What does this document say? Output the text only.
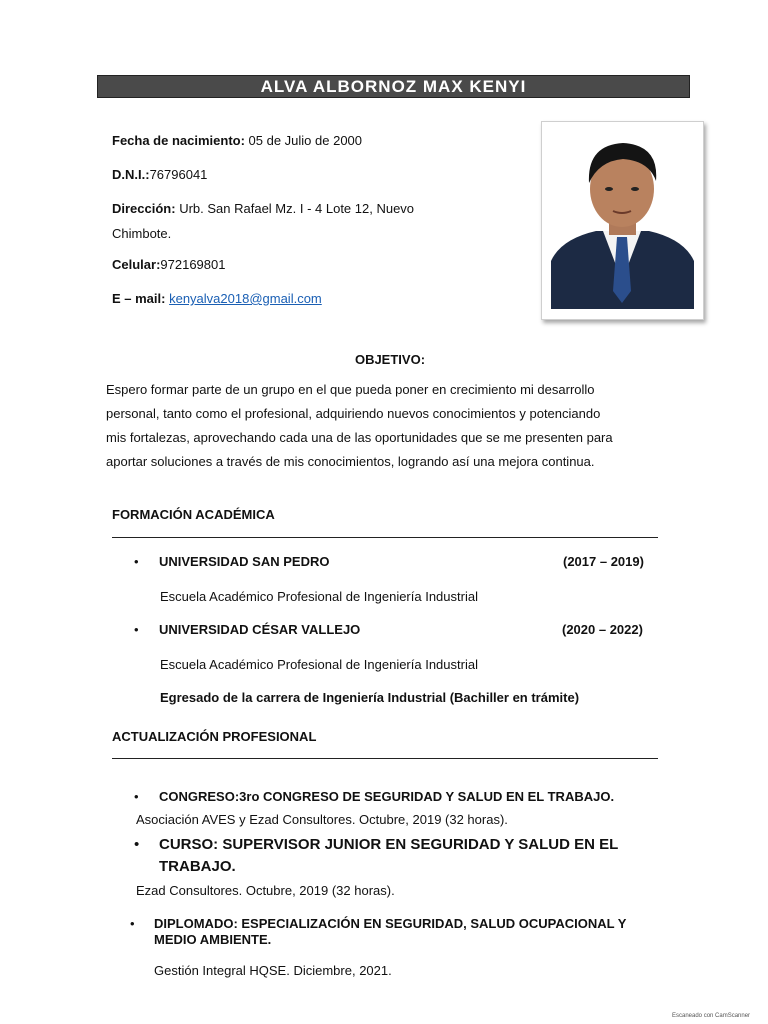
ALVA ALBORNOZ MAX KENYI
Fecha de nacimiento: 05 de Julio de 2000
D.N.I.:76796041
Dirección: Urb. San Rafael Mz. I - 4 Lote 12, Nuevo
Chimbote.
Celular:972169801
E – mail: kenyalva2018@gmail.com
OBJETIVO:
Espero formar parte de un grupo en el que pueda poner en crecimiento mi desarrollo
personal, tanto como el profesional, adquiriendo nuevos conocimientos y potenciando
mis fortalezas, aprovechando cada una de las oportunidades que se me presenten para
aportar soluciones a través de mis conocimientos, logrando así una mejora continua.
FORMACIÓN ACADÉMICA
• UNIVERSIDAD SAN PEDRO	(2017 – 2019)
Escuela Académico Profesional de Ingeniería Industrial
• UNIVERSIDAD CÉSAR VALLEJO	(2020 – 2022)
Escuela Académico Profesional de Ingeniería Industrial
Egresado de la carrera de Ingeniería Industrial (Bachiller en trámite)
ACTUALIZACIÓN PROFESIONAL
• CONGRESO:3ro CONGRESO DE SEGURIDAD Y SALUD EN EL TRABAJO.
Asociación AVES y Ezad Consultores. Octubre, 2019 (32 horas).
• CURSO: SUPERVISOR JUNIOR EN SEGURIDAD Y SALUD EN EL
TRABAJO.
Ezad Consultores. Octubre, 2019 (32 horas).
• DIPLOMADO: ESPECIALIZACIÓN EN SEGURIDAD, SALUD OCUPACIONAL Y
MEDIO AMBIENTE.
Gestión Integral HQSE. Diciembre, 2021.
Escaneado con CamScanner
